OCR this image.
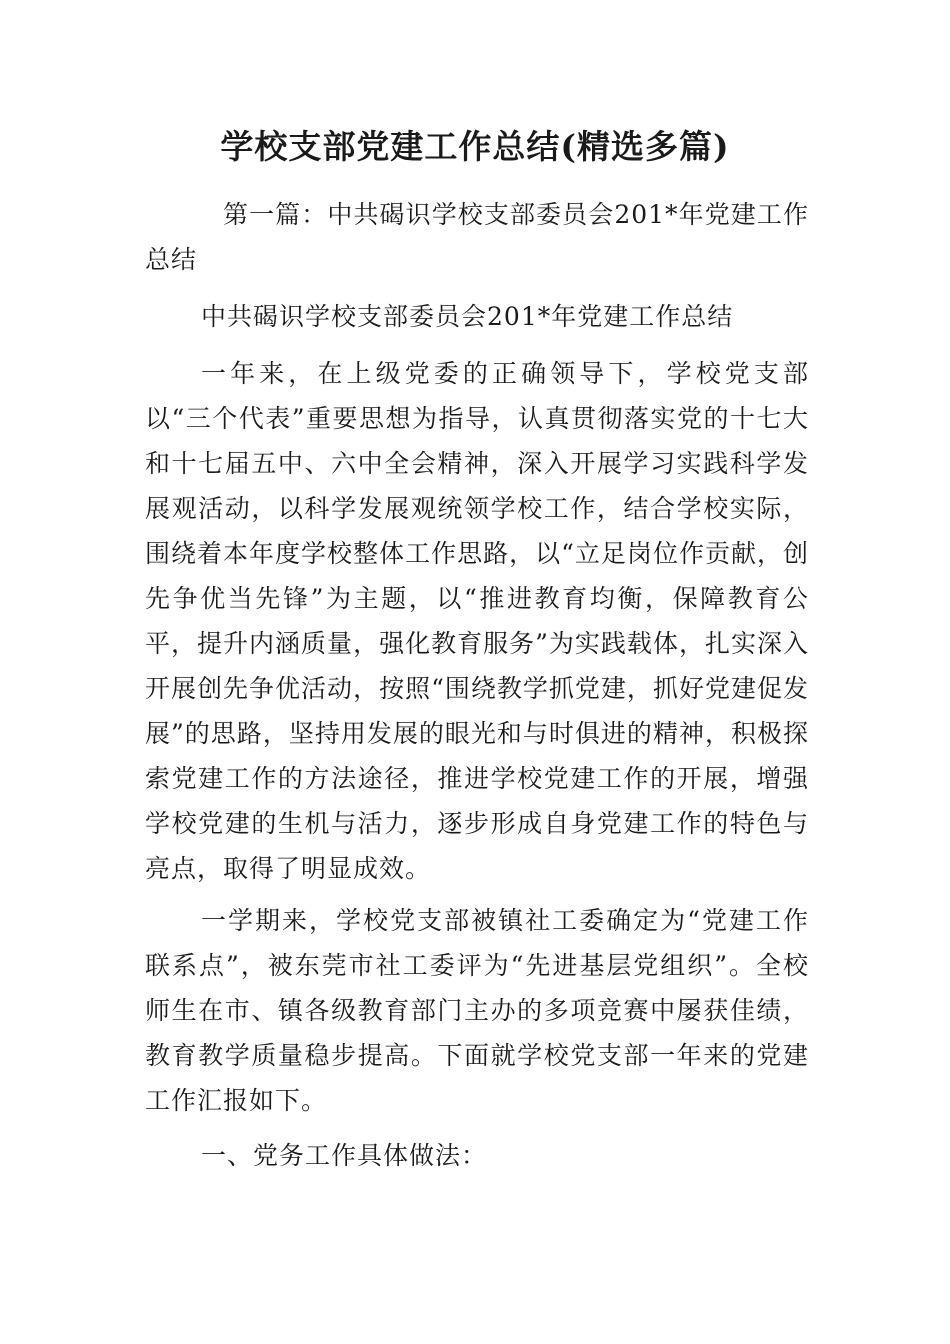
学校支部党建工作总结(精选多篇)

第一篇：中共碣识学校支部委员会201*年党建工作总结

中共碣识学校支部委员会201*年党建工作总结

一年来，在上级党委的正确领导下，学校党支部以“三个代表”重要思想为指导，认真贯彻落实党的十七大和十七届五中、六中全会精神，深入开展学习实践科学发展观活动，以科学发展观统领学校工作，结合学校实际，围绕着本年度学校整体工作思路，以“立足岗位作贡献，创先争优当先锋”为主题，以“推进教育均衡，保障教育公平，提升内涵质量，强化教育服务”为实践载体，扎实深入开展创先争优活动，按照“围绕教学抓党建，抓好党建促发展”的思路，坚持用发展的眼光和与时俱进的精神，积极探索党建工作的方法途径，推进学校党建工作的开展，增强学校党建的生机与活力，逐步形成自身党建工作的特色与亮点，取得了明显成效。

一学期来，学校党支部被镇社工委确定为“党建工作联系点”，被东莞市社工委评为“先进基层党组织”。全校师生在市、镇各级教育部门主办的多项竞赛中屡获佳绩，教育教学质量稳步提高。下面就学校党支部一年来的党建工作汇报如下。

一、党务工作具体做法：
